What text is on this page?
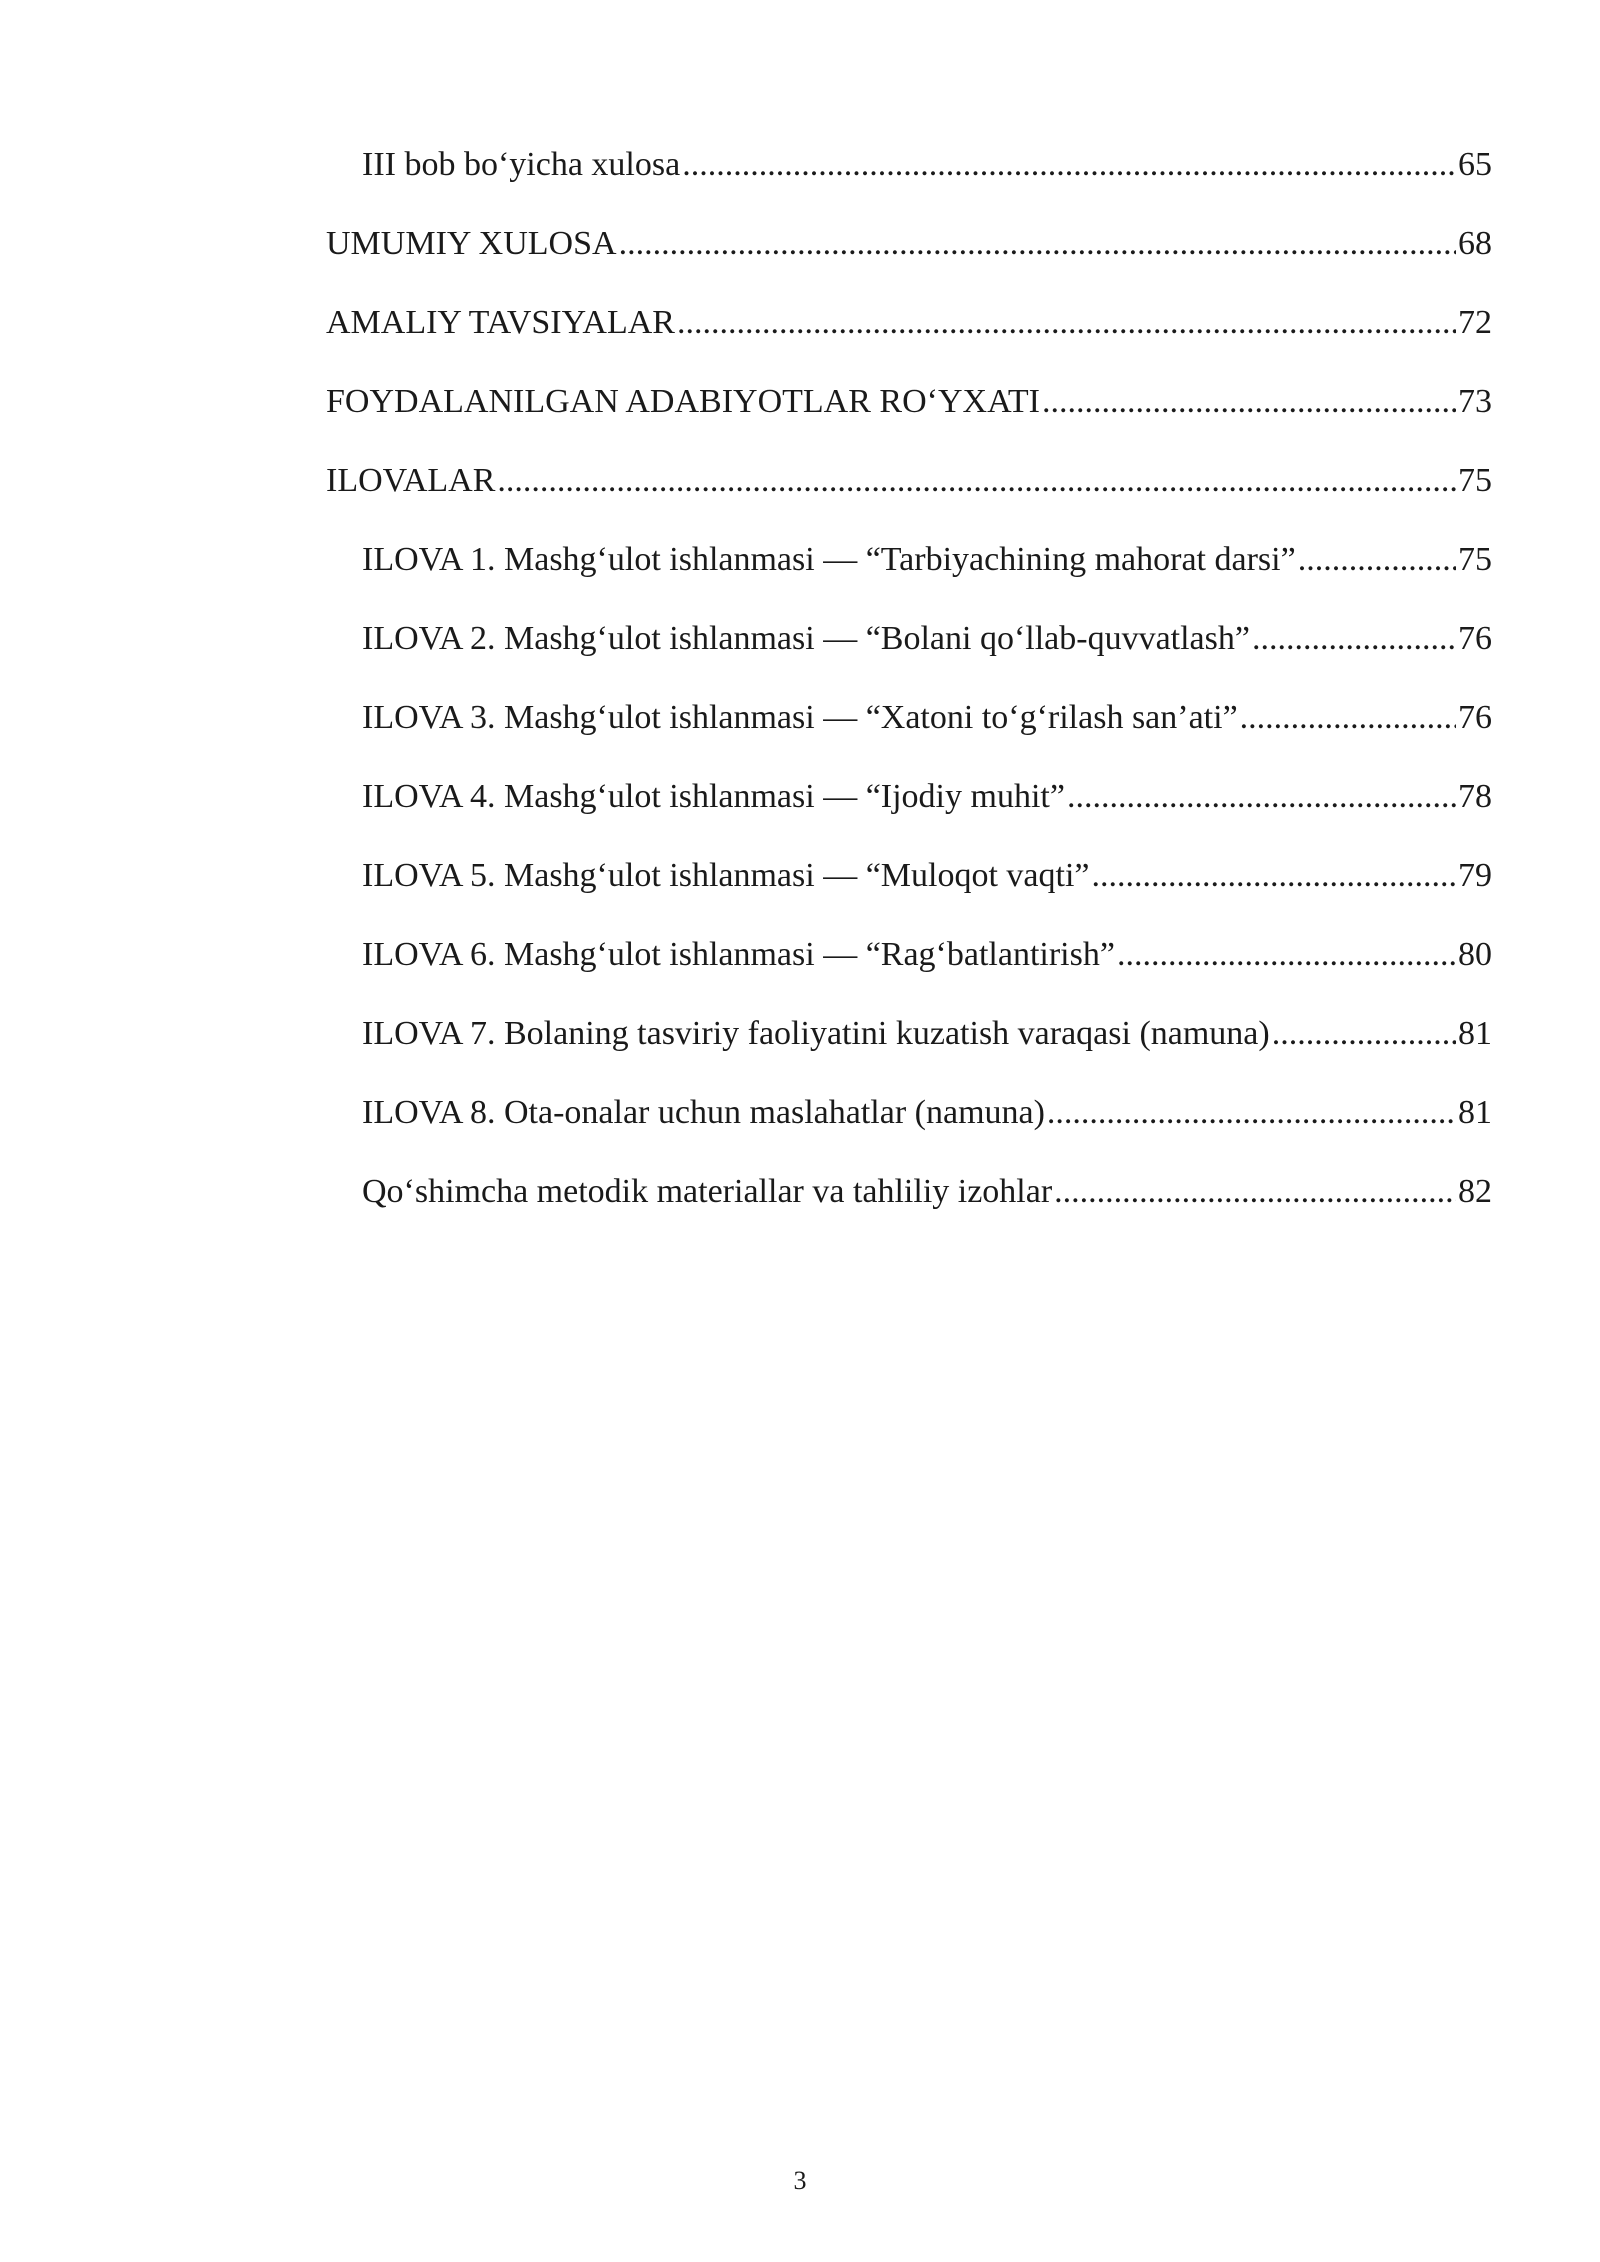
III bob bo‘yicha xulosa .....	65
UMUMIY XULOSA .....	68
AMALIY TAVSIYALAR .....	72
FOYDALANILGAN ADABIYOTLAR RO‘YXATI .....	73
ILOVALAR .....	75
ILOVA 1. Mashg‘ulot ishlanmasi — “Tarbiyachining mahorat darsi” .....	75
ILOVA 2. Mashg‘ulot ishlanmasi — “Bolani qo‘llab-quvvatlash” .....	76
ILOVA 3. Mashg‘ulot ishlanmasi — “Xatoni to‘g‘rilash san’ati” .....	76
ILOVA 4. Mashg‘ulot ishlanmasi — “Ijodiy muhit” .....	78
ILOVA 5. Mashg‘ulot ishlanmasi — “Muloqot vaqti” .....	79
ILOVA 6. Mashg‘ulot ishlanmasi — “Rag‘batlantirish” .....	80
ILOVA 7. Bolaning tasviriy faoliyatini kuzatish varaqasi (namuna) .....	81
ILOVA 8. Ota-onalar uchun maslahatlar (namuna) .....	81
Qo‘shimcha metodik materiallar va tahliliy izohlar .....	82
3
